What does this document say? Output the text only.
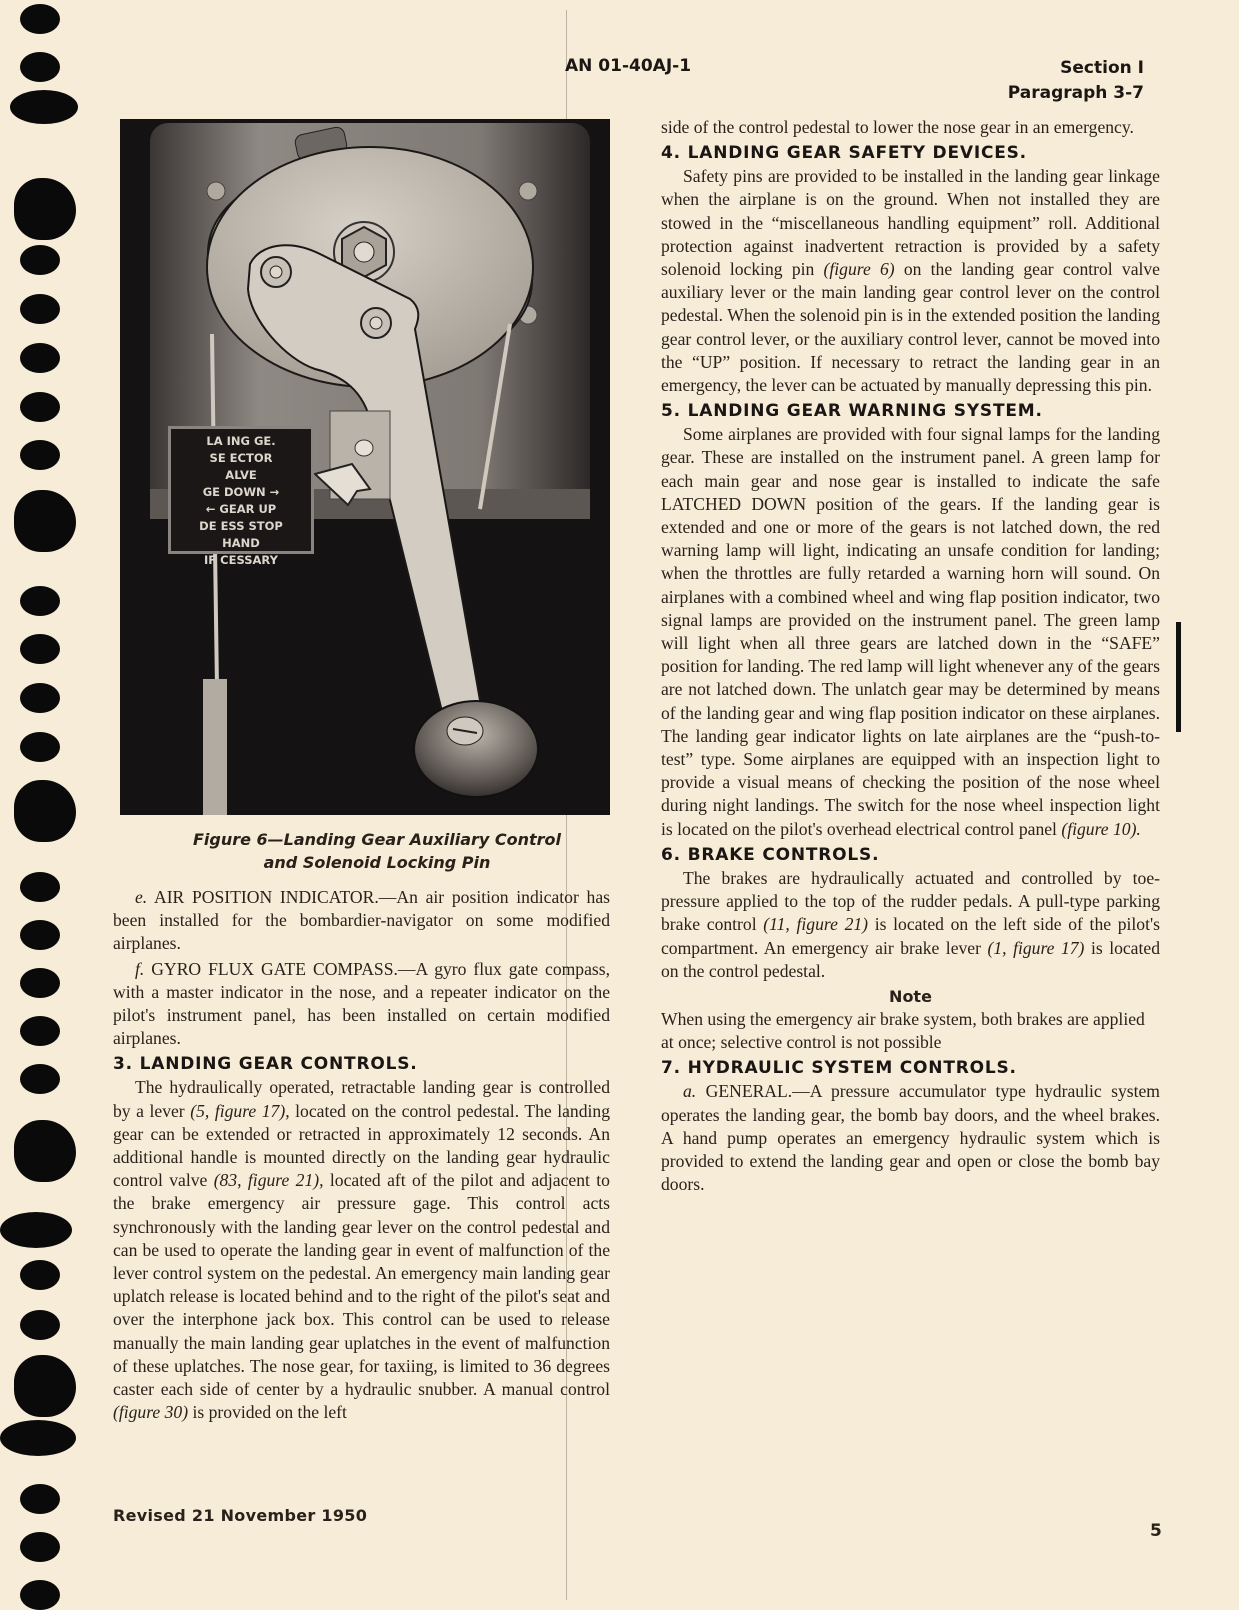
AN 01-40AJ-1	Section I
Paragraph 3-7
LA ING GE.
SE ECTOR
ALVE
GE DOWN →
← GEAR UP
DE ESS STOP
HAND
IF CESSARY
Figure 6—Landing Gear Auxiliary Control
and Solenoid Locking Pin

e. AIR POSITION INDICATOR.—An air position indicator has been installed for the bombardier-navigator on some modified airplanes.

f. GYRO FLUX GATE COMPASS.—A gyro flux gate compass, with a master indicator in the nose, and a repeater indicator on the pilot's instrument panel, has been installed on certain modified airplanes.

3. LANDING GEAR CONTROLS.

The hydraulically operated, retractable landing gear is controlled by a lever (5, figure 17), located on the control pedestal. The landing gear can be extended or retracted in approximately 12 seconds. An additional handle is mounted directly on the landing gear hydraulic control valve (83, figure 21), located aft of the pilot and adjacent to the brake emergency air pressure gage. This control acts synchronously with the landing gear lever on the control pedestal and can be used to operate the landing gear in event of malfunction of the lever control system on the pedestal. An emergency main landing gear uplatch release is located behind and to the right of the pilot's seat and over the interphone jack box. This control can be used to release manually the main landing gear uplatches in the event of malfunction of these uplatches. The nose gear, for taxiing, is limited to 36 degrees caster each side of center by a hydraulic snubber. A manual control (figure 30) is provided on the left

side of the control pedestal to lower the nose gear in an emergency.

4. LANDING GEAR SAFETY DEVICES.

Safety pins are provided to be installed in the landing gear linkage when the airplane is on the ground. When not installed they are stowed in the “miscellaneous handling equipment” roll. Additional protection against inadvertent retraction is provided by a safety solenoid locking pin (figure 6) on the landing gear control valve auxiliary lever or the main landing gear control lever on the control pedestal. When the solenoid pin is in the extended position the landing gear control lever, or the auxiliary control lever, cannot be moved into the “UP” position. If necessary to retract the landing gear in an emergency, the lever can be actuated by manually depressing this pin.

5. LANDING GEAR WARNING SYSTEM.

Some airplanes are provided with four signal lamps for the landing gear. These are installed on the instrument panel. A green lamp for each main gear and nose gear is installed to indicate the safe LATCHED DOWN position of the gears. If the landing gear is extended and one or more of the gears is not latched down, the red warning lamp will light, indicating an unsafe condition for landing; when the throttles are fully retarded a warning horn will sound. On airplanes with a combined wheel and wing flap position indicator, two signal lamps are provided on the instrument panel. The green lamp will light when all three gears are latched down in the “SAFE” position for landing. The red lamp will light whenever any of the gears are not latched down. The unlatch gear may be determined by means of the landing gear and wing flap position indicator on these airplanes. The landing gear indicator lights on late airplanes are the “push-to-test” type. Some airplanes are equipped with an inspection light to provide a visual means of checking the position of the nose wheel during night landings. The switch for the nose wheel inspection light is located on the pilot's overhead electrical control panel (figure 10).

6. BRAKE CONTROLS.

The brakes are hydraulically actuated and controlled by toe-pressure applied to the top of the rudder pedals. A pull-type parking brake control (11, figure 21) is located on the left side of the pilot's compartment. An emergency air brake lever (1, figure 17) is located on the control pedestal.

Note

When using the emergency air brake system, both brakes are applied at once; selective control is not possible

7. HYDRAULIC SYSTEM CONTROLS.

a. GENERAL.—A pressure accumulator type hydraulic system operates the landing gear, the bomb bay doors, and the wheel brakes. A hand pump operates an emergency hydraulic system which is provided to extend the landing gear and open or close the bomb bay doors.

Revised 21 November 1950
5
